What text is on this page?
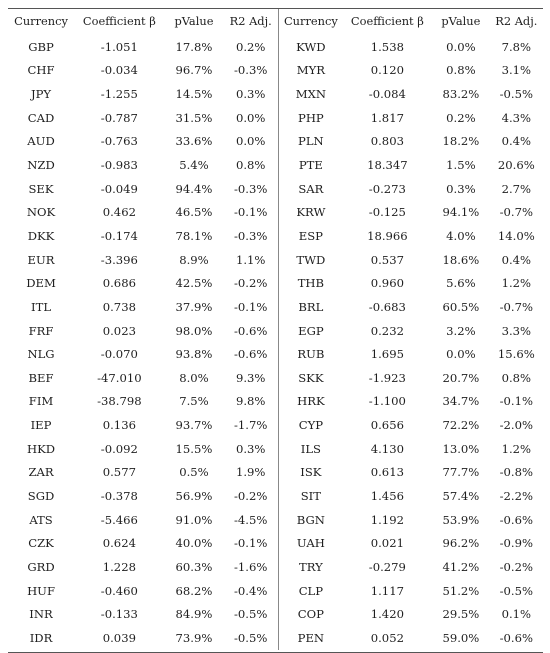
Currency	Coefficient β	pValue	R2 Adj.	Currency	Coefficient β	pValue	R2 Adj.
GBP	-1.051	17.8%	0.2%	KWD	1.538	0.0%	7.8%
CHF	-0.034	96.7%	-0.3%	MYR	0.120	0.8%	3.1%
JPY	-1.255	14.5%	0.3%	MXN	-0.084	83.2%	-0.5%
CAD	-0.787	31.5%	0.0%	PHP	1.817	0.2%	4.3%
AUD	-0.763	33.6%	0.0%	PLN	0.803	18.2%	0.4%
NZD	-0.983	5.4%	0.8%	PTE	18.347	1.5%	20.6%
SEK	-0.049	94.4%	-0.3%	SAR	-0.273	0.3%	2.7%
NOK	0.462	46.5%	-0.1%	KRW	-0.125	94.1%	-0.7%
DKK	-0.174	78.1%	-0.3%	ESP	18.966	4.0%	14.0%
EUR	-3.396	8.9%	1.1%	TWD	0.537	18.6%	0.4%
DEM	0.686	42.5%	-0.2%	THB	0.960	5.6%	1.2%
ITL	0.738	37.9%	-0.1%	BRL	-0.683	60.5%	-0.7%
FRF	0.023	98.0%	-0.6%	EGP	0.232	3.2%	3.3%
NLG	-0.070	93.8%	-0.6%	RUB	1.695	0.0%	15.6%
BEF	-47.010	8.0%	9.3%	SKK	-1.923	20.7%	0.8%
FIM	-38.798	7.5%	9.8%	HRK	-1.100	34.7%	-0.1%
IEP	0.136	93.7%	-1.7%	CYP	0.656	72.2%	-2.0%
HKD	-0.092	15.5%	0.3%	ILS	4.130	13.0%	1.2%
ZAR	0.577	0.5%	1.9%	ISK	0.613	77.7%	-0.8%
SGD	-0.378	56.9%	-0.2%	SIT	1.456	57.4%	-2.2%
ATS	-5.466	91.0%	-4.5%	BGN	1.192	53.9%	-0.6%
CZK	0.624	40.0%	-0.1%	UAH	0.021	96.2%	-0.9%
GRD	1.228	60.3%	-1.6%	TRY	-0.279	41.2%	-0.2%
HUF	-0.460	68.2%	-0.4%	CLP	1.117	51.2%	-0.5%
INR	-0.133	84.9%	-0.5%	COP	1.420	29.5%	0.1%
IDR	0.039	73.9%	-0.5%	PEN	0.052	59.0%	-0.6%
